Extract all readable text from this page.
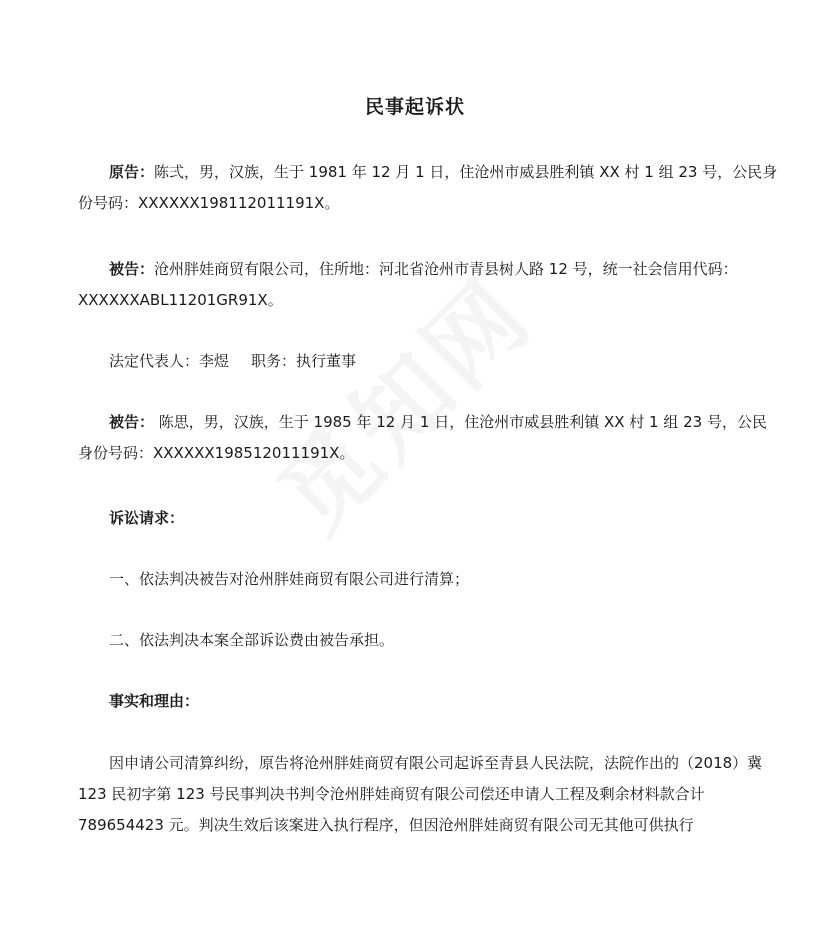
民事起诉状
原告：陈弍，男，汉族，生于 1981 年 12 月 1 日，住沧州市威县胜利镇 XX 村 1 组 23 号，公民身份号码：XXXXXX198112011191X。
被告：沧州胖娃商贸有限公司，住所地：河北省沧州市青县树人路 12 号，统一社会信用代码：XXXXXXABL11201GR91X。
法定代表人：李煜 职务：执行董事
被告： 陈思，男，汉族，生于 1985 年 12 月 1 日，住沧州市威县胜利镇 XX 村 1 组 23 号，公民身份号码：XXXXXX198512011191X。
诉讼请求：
一、依法判决被告对沧州胖娃商贸有限公司进行清算；
二、依法判决本案全部诉讼费由被告承担。
事实和理由：
因申请公司清算纠纷，原告将沧州胖娃商贸有限公司起诉至青县人民法院，法院作出的（2018）冀 123 民初字第 123 号民事判决书判令沧州胖娃商贸有限公司偿还申请人工程及剩余材料款合计 789654423 元。判决生效后该案进入执行程序，但因沧州胖娃商贸有限公司无其他可供执行
